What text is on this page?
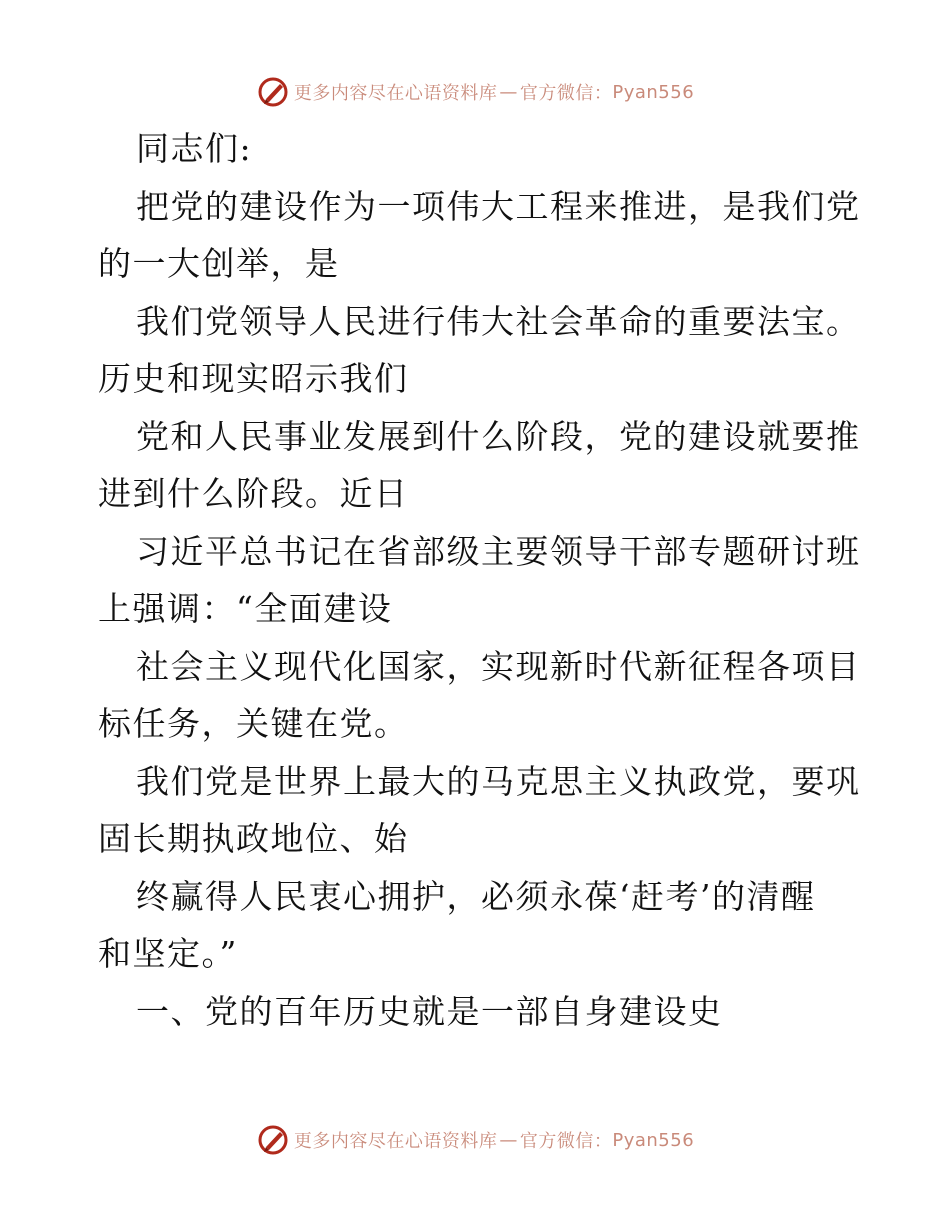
更多内容尽在心语资料库 — 官方微信： Pyan556
同志们:
把党的建设作为一项伟大工程来推进，是我们党
的一大创举，是
我们党领导人民进行伟大社会革命的重要法宝。
历史和现实昭示我们
党和人民事业发展到什么阶段，党的建设就要推
进到什么阶段。近日
习近平总书记在省部级主要领导干部专题研讨班
上强调：“全面建设
社会主义现代化国家，实现新时代新征程各项目
标任务，关键在党。
我们党是世界上最大的马克思主义执政党，要巩
固长期执政地位、始
终赢得人民衷心拥护，必须永葆‘赶考’的清醒
和坚定。”
一、党的百年历史就是一部自身建设史
更多内容尽在心语资料库 — 官方微信： Pyan556
